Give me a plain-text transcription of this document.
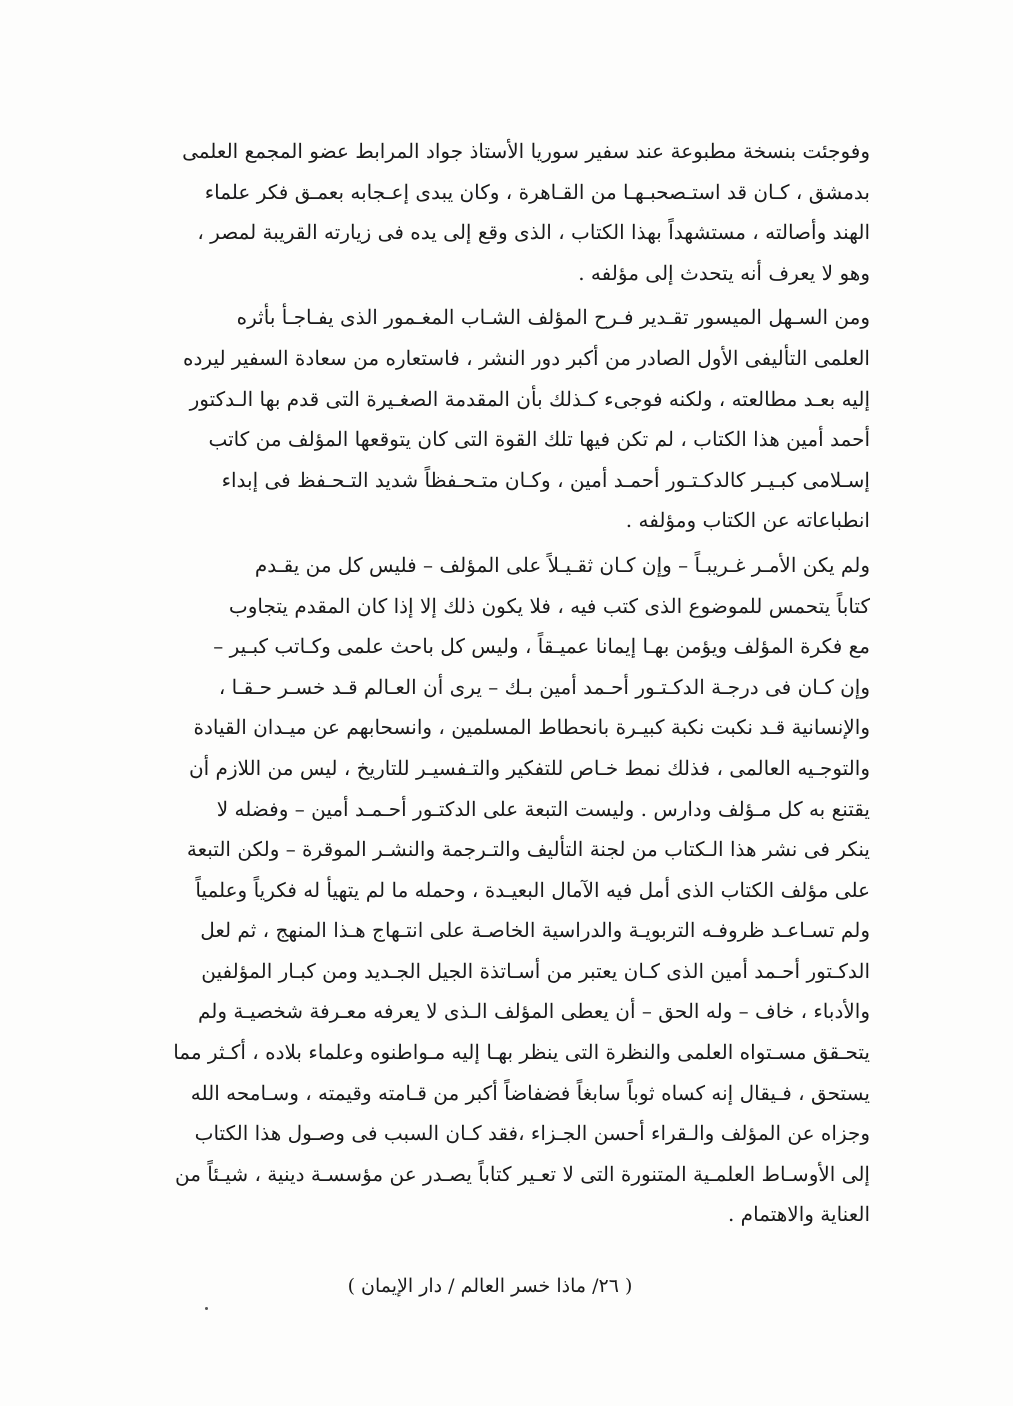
وفوجئت بنسخة مطبوعة عند سفير سوريا الأستاذ جواد المرابط عضو المجمع العلمى
بدمشق ، كـان قد استـصحبـهـا من القـاهرة ، وكان يبدى إعـجابه بعمـق فكر علماء
الهند وأصالته ، مستشهداً بهذا الكتاب ، الذى وقع إلى يده فى زيارته القريبة لمصر ،
وهو لا يعرف أنه يتحدث إلى مؤلفه .
ومن السـهل الميسور تقـدير فـرح المؤلف الشـاب المغـمور الذى يفـاجـأ بأثره
العلمى التأليفى الأول الصادر من أكبر دور النشر ، فاستعاره من سعادة السفير ليرده
إليه بعـد مطالعته ، ولكنه فوجىء كـذلك بأن المقدمة الصغـيرة التى قدم بها الـدكتور
أحمد أمين هذا الكتاب ، لم تكن فيها تلك القوة التى كان يتوقعها المؤلف من كاتب
إسـلامى كبـيـر كالدكـتـور أحمـد أمين ، وكـان متـحـفظاً شديد التـحـفظ فى إبداء
انطباعاته عن الكتاب ومؤلفه .
ولم يكن الأمـر غـريبـاً – وإن كـان ثقـيـلاً على المؤلف – فليس كل من يقـدم
كتاباً يتحمس للموضوع الذى كتب فيه ، فلا يكون ذلك إلا إذا كان المقدم يتجاوب
مع فكرة المؤلف ويؤمن بهـا إيمانا عميـقاً ، وليس كل باحث علمى وكـاتب كبـير –
وإن كـان فى درجـة الدكـتـور أحـمد أمين بـك – يرى أن العـالم قـد خسـر حـقـا ،
والإنسانية قـد نكبت نكبة كبيـرة بانحطاط المسلمين ، وانسحابهم عن ميـدان القيادة
والتوجـيه العالمى ، فذلك نمط خـاص للتفكير والتـفسيـر للتاريخ ، ليس من اللازم أن
يقتنع به كل مـؤلف ودارس . وليست التبعة على الدكتـور أحـمـد أمين – وفضله لا
ينكر فى نشر هذا الـكتاب من لجنة التأليف والتـرجمة والنشـر الموقرة – ولكن التبعة
على مؤلف الكتاب الذى أمل فيه الآمال البعيـدة ، وحمله ما لم يتهيأ له فكرياً وعلمياً
ولم تسـاعـد ظروفـه التربويـة والدراسية الخاصـة على انتـهاج هـذا المنهج ، ثم لعل
الدكـتور أحـمد أمين الذى كـان يعتبر من أسـاتذة الجيل الجـديد ومن كبـار المؤلفين
والأدباء ، خاف – وله الحق – أن يعطى المؤلف الـذى لا يعرفه معـرفة شخصيـة ولم
يتحـقق مسـتواه العلمى والنظرة التى ينظر بهـا إليه مـواطنوه وعلماء بلاده ، أكـثر مما
يستحق ، فـيقال إنه كساه ثوباً سابغاً فضفاضاً أكبر من قـامته وقيمته ، وسـامحه الله
وجزاه عن المؤلف والـقراء أحسن الجـزاء ،فقد كـان السبب فى وصـول هذا الكتاب
إلى الأوسـاط العلمـية المتنورة التى لا تعـير كتاباً يصـدر عن مؤسسـة دينية ، شيـئاً من
العناية والاهتمام .
( ٢٦/ ماذا خسر العالم / دار الإيمان )
